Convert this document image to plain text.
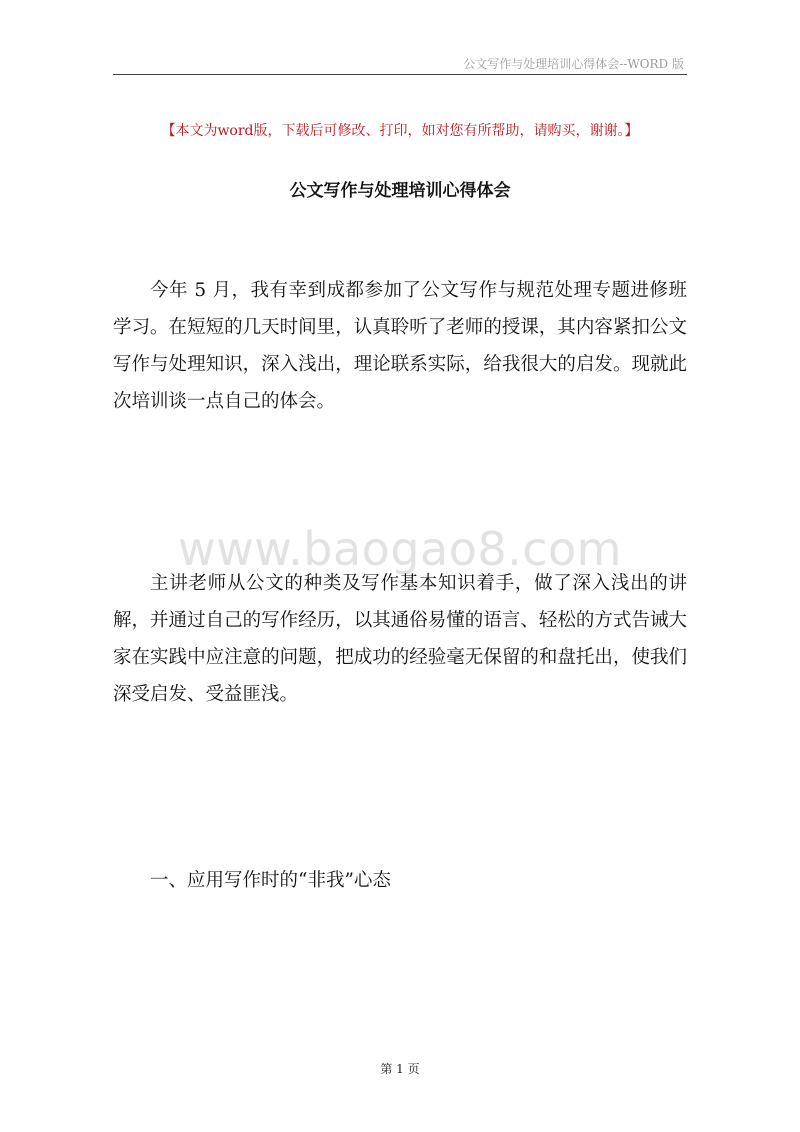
公文写作与处理培训心得体会--WORD 版
【本文为word版，下载后可修改、打印，如对您有所帮助，请购买，谢谢。】
公文写作与处理培训心得体会

今年 5 月，我有幸到成都参加了公文写作与规范处理专题进修班学习。在短短的几天时间里，认真聆听了老师的授课，其内容紧扣公文写作与处理知识，深入浅出，理论联系实际，给我很大的启发。现就此次培训谈一点自己的体会。

www.baogao8.com

主讲老师从公文的种类及写作基本知识着手，做了深入浅出的讲解，并通过自己的写作经历，以其通俗易懂的语言、轻松的方式告诫大家在实践中应注意的问题，把成功的经验毫无保留的和盘托出，使我们深受启发、受益匪浅。

一、应用写作时的“非我”心态
第 1 页
